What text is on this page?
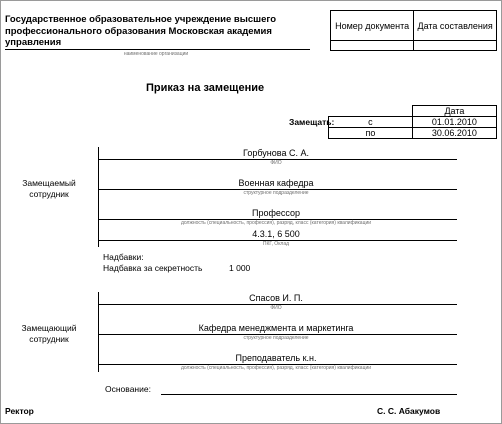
Государственное образовательное учреждение высшего профессионального образования Московская академия управления
наименование организации
Номер документа	Дата составления

Приказ на замещение
Замещать:
	Дата
с	01.01.2010
по	30.06.2010
Замещаемый
сотрудник
Горбунова С. А.
ФИО
Военная кафедра
структурное подразделение
Профессор
должность (специальность, профессия), разряд, класс (категория) квалификации
4.3.1, 6 500
ПКГ, Оклад
Надбавки:
Надбавка за секретность	1 000
Замещающий
сотрудник
Спасов И. П.
ФИО
Кафедра менеджмента и маркетинга
структурное подразделение
Преподаватель к.н.
должность (специальность, профессия), разряд, класс (категория) квалификации
Основание:
Ректор	С. С. Абакумов
